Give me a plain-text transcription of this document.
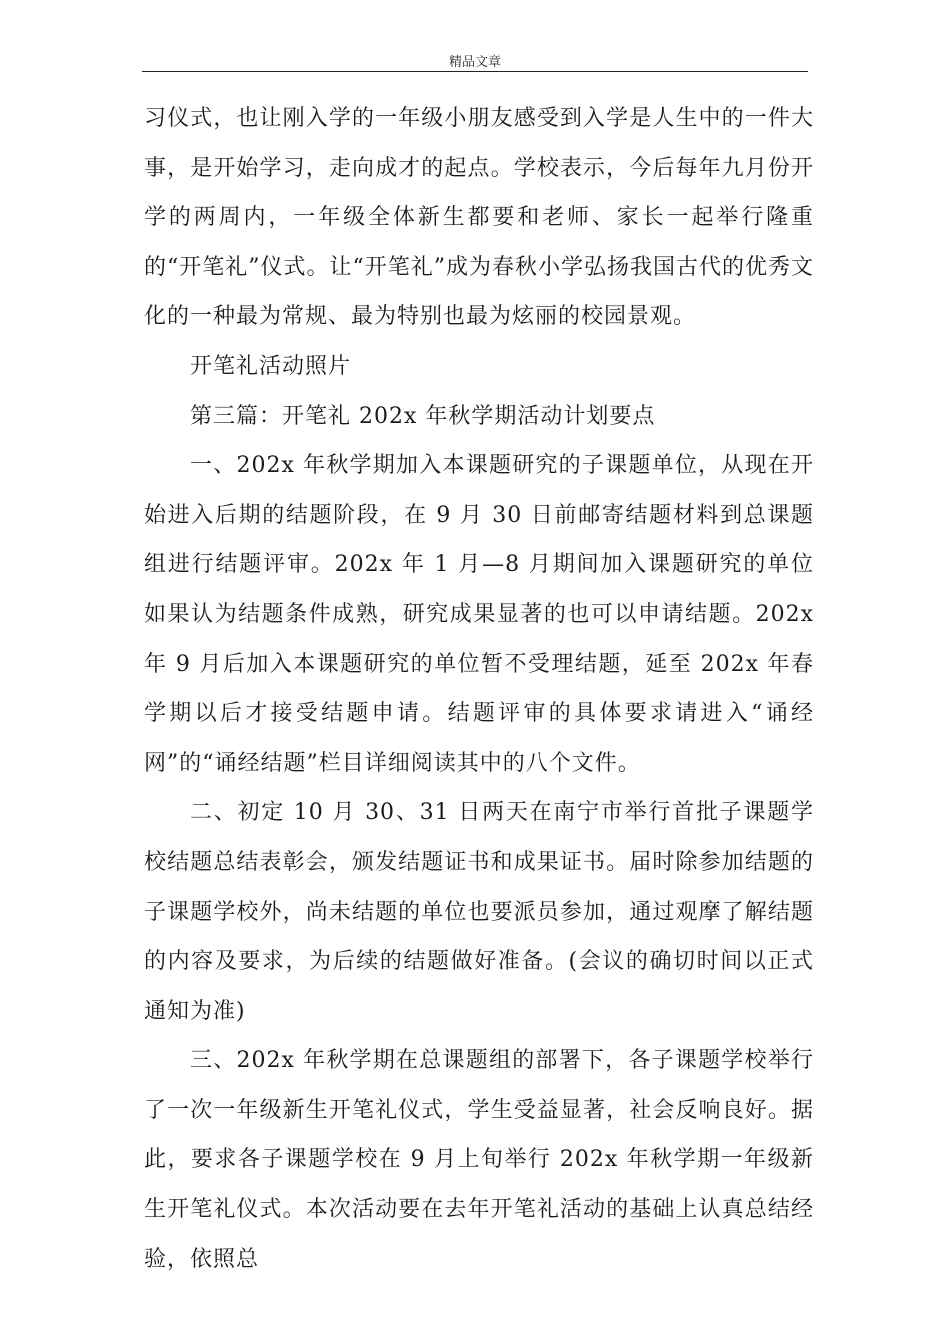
精品文章

习仪式，也让刚入学的一年级小朋友感受到入学是人生中的一件大事，是开始学习，走向成才的起点。学校表示，今后每年九月份开学的两周内，一年级全体新生都要和老师、家长一起举行隆重的“开笔礼”仪式。让“开笔礼”成为春秋小学弘扬我国古代的优秀文化的一种最为常规、最为特别也最为炫丽的校园景观。

开笔礼活动照片

第三篇：开笔礼 202x 年秋学期活动计划要点

一、202x 年秋学期加入本课题研究的子课题单位，从现在开始进入后期的结题阶段，在 9 月 30 日前邮寄结题材料到总课题组进行结题评审。202x 年 1 月—8 月期间加入课题研究的单位如果认为结题条件成熟，研究成果显著的也可以申请结题。202x 年 9 月后加入本课题研究的单位暂不受理结题，延至 202x 年春学期以后才接受结题申请。结题评审的具体要求请进入“诵经网”的“诵经结题”栏目详细阅读其中的八个文件。

二、初定 10 月 30、31 日两天在南宁市举行首批子课题学校结题总结表彰会，颁发结题证书和成果证书。届时除参加结题的子课题学校外，尚未结题的单位也要派员参加，通过观摩了解结题的内容及要求，为后续的结题做好准备。(会议的确切时间以正式通知为准)

三、202x 年秋学期在总课题组的部署下，各子课题学校举行了一次一年级新生开笔礼仪式，学生受益显著，社会反响良好。据此，要求各子课题学校在 9 月上旬举行 202x 年秋学期一年级新生开笔礼仪式。本次活动要在去年开笔礼活动的基础上认真总结经验，依照总
